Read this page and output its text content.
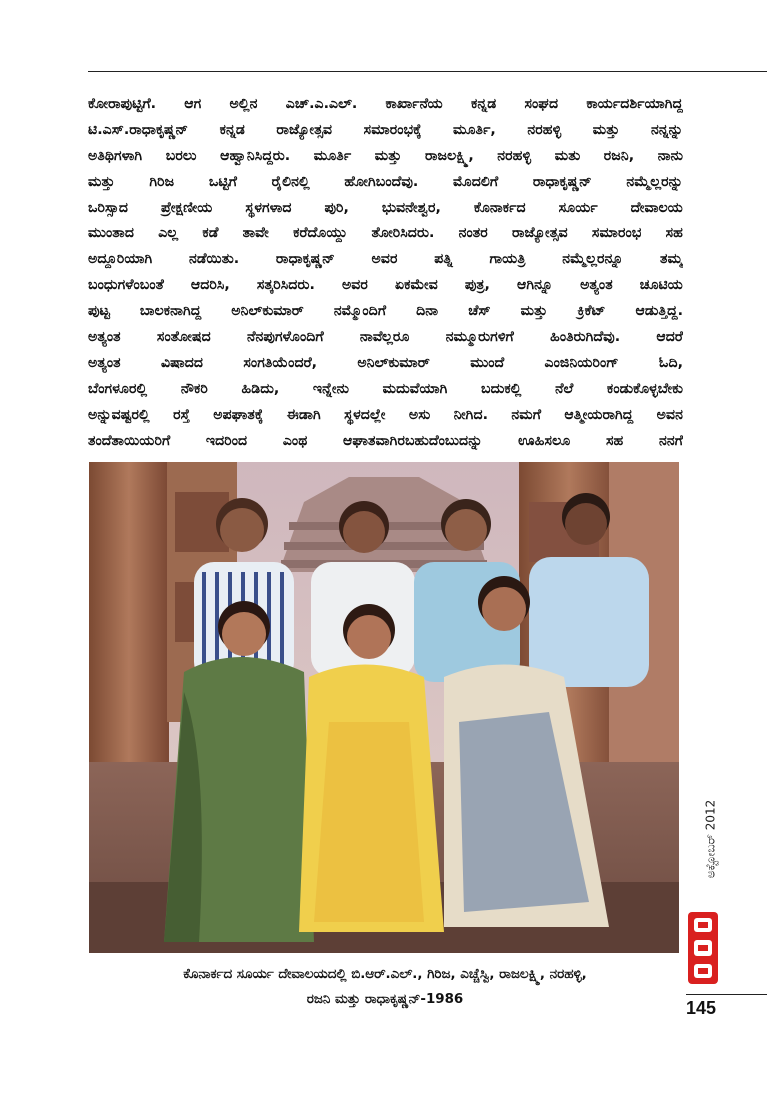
ಕೋರಾಪುಟ್ಟಿಗೆ. ಆಗ ಅಲ್ಲಿನ ಎಚ್.ಎ.ಎಲ್. ಕಾರ್ಖಾನೆಯ ಕನ್ನಡ ಸಂಘದ ಕಾರ್ಯದರ್ಶಿಯಾಗಿದ್ದ
ಟಿ.ಎಸ್.ರಾಧಾಕೃಷ್ಣನ್ ಕನ್ನಡ ರಾಜ್ಯೋತ್ಸವ ಸಮಾರಂಭಕ್ಕೆ ಮೂರ್ತಿ, ನರಹಳ್ಳಿ ಮತ್ತು ನನ್ನನ್ನು
ಅತಿಥಿಗಳಾಗಿ ಬರಲು ಆಹ್ವಾನಿಸಿದ್ದರು. ಮೂರ್ತಿ ಮತ್ತು ರಾಜಲಕ್ಷ್ಮಿ, ನರಹಳ್ಳಿ ಮತು ರಜನಿ, ನಾನು
ಮತ್ತು ಗಿರಿಜ ಒಟ್ಟಿಗೆ ರೈಲಿನಲ್ಲಿ ಹೋಗಿಬಂದೆವು. ಮೊದಲಿಗೆ ರಾಧಾಕೃಷ್ಣನ್ ನಮ್ಮೆಲ್ಲರನ್ನು
ಒರಿಸ್ಸಾದ ಪ್ರೇಕ್ಷಣೀಯ ಸ್ಥಳಗಳಾದ ಪುರಿ, ಭುವನೇಶ್ವರ, ಕೊನಾರ್ಕದ ಸೂರ್ಯ ದೇವಾಲಯ
ಮುಂತಾದ ಎಲ್ಲ ಕಡೆ ತಾವೇ ಕರೆದೊಯ್ದು ತೋರಿಸಿದರು. ನಂತರ ರಾಜ್ಯೋತ್ಸವ ಸಮಾರಂಭ ಸಹ
ಅದ್ದೂರಿಯಾಗಿ ನಡೆಯಿತು. ರಾಧಾಕೃಷ್ಣನ್ ಅವರ ಪತ್ನಿ ಗಾಯತ್ರಿ ನಮ್ಮೆಲ್ಲರನ್ನೂ ತಮ್ಮ
ಬಂಧುಗಳೆಂಬಂತೆ ಆದರಿಸಿ, ಸತ್ಕರಿಸಿದರು. ಅವರ ಏಕಮೇವ ಪುತ್ರ, ಆಗಿನ್ನೂ ಅತ್ಯಂತ ಚೂಟಿಯ
ಪುಟ್ಟ ಬಾಲಕನಾಗಿದ್ದ ಅನಿಲ್‌ಕುಮಾರ್ ನಮ್ಮೊಂದಿಗೆ ದಿನಾ ಚೆಸ್ ಮತ್ತು ಕ್ರಿಕೆಟ್ ಆಡುತ್ತಿದ್ದ.
ಅತ್ಯಂತ ಸಂತೋಷದ ನೆನಪುಗಳೊಂದಿಗೆ ನಾವೆಲ್ಲರೂ ನಮ್ಮೂರುಗಳಿಗೆ ಹಿಂತಿರುಗಿದೆವು. ಆದರೆ
ಅತ್ಯಂತ ವಿಷಾದದ ಸಂಗತಿಯೆಂದರೆ, ಅನಿಲ್‌ಕುಮಾರ್ ಮುಂದೆ ಎಂಜಿನಿಯರಿಂಗ್ ಓದಿ,
ಬೆಂಗಳೂರಲ್ಲಿ ನೌಕರಿ ಹಿಡಿದು, ಇನ್ನೇನು ಮದುವೆಯಾಗಿ ಬದುಕಲ್ಲಿ ನೆಲೆ ಕಂಡುಕೊಳ್ಳಬೇಕು
ಅನ್ನುವಷ್ಟರಲ್ಲಿ ರಸ್ತೆ ಅಪಘಾತಕ್ಕೆ ಈಡಾಗಿ ಸ್ಥಳದಲ್ಲೇ ಅಸು ನೀಗಿದ. ನಮಗೆ ಆತ್ಮೀಯರಾಗಿದ್ದ ಅವನ
ತಂದೆತಾಯಿಯರಿಗೆ ಇದರಿಂದ ಎಂಥ ಆಘಾತವಾಗಿರಬಹುದೆಂಬುದನ್ನು ಊಹಿಸಲೂ ಸಹ ನನಗೆ
ಕೊನಾರ್ಕದ ಸೂರ್ಯ ದೇವಾಲಯದಲ್ಲಿ ಬಿ.ಆರ್.ಎಲ್., ಗಿರಿಜ, ಎಚ್ಚೆಸ್ವಿ, ರಾಜಲಕ್ಷ್ಮಿ, ನರಹಳ್ಳಿ,
ರಜನಿ ಮತ್ತು ರಾಧಾಕೃಷ್ಣನ್-1986
ಅಕ್ಟೋಬರ್ 2012
145
